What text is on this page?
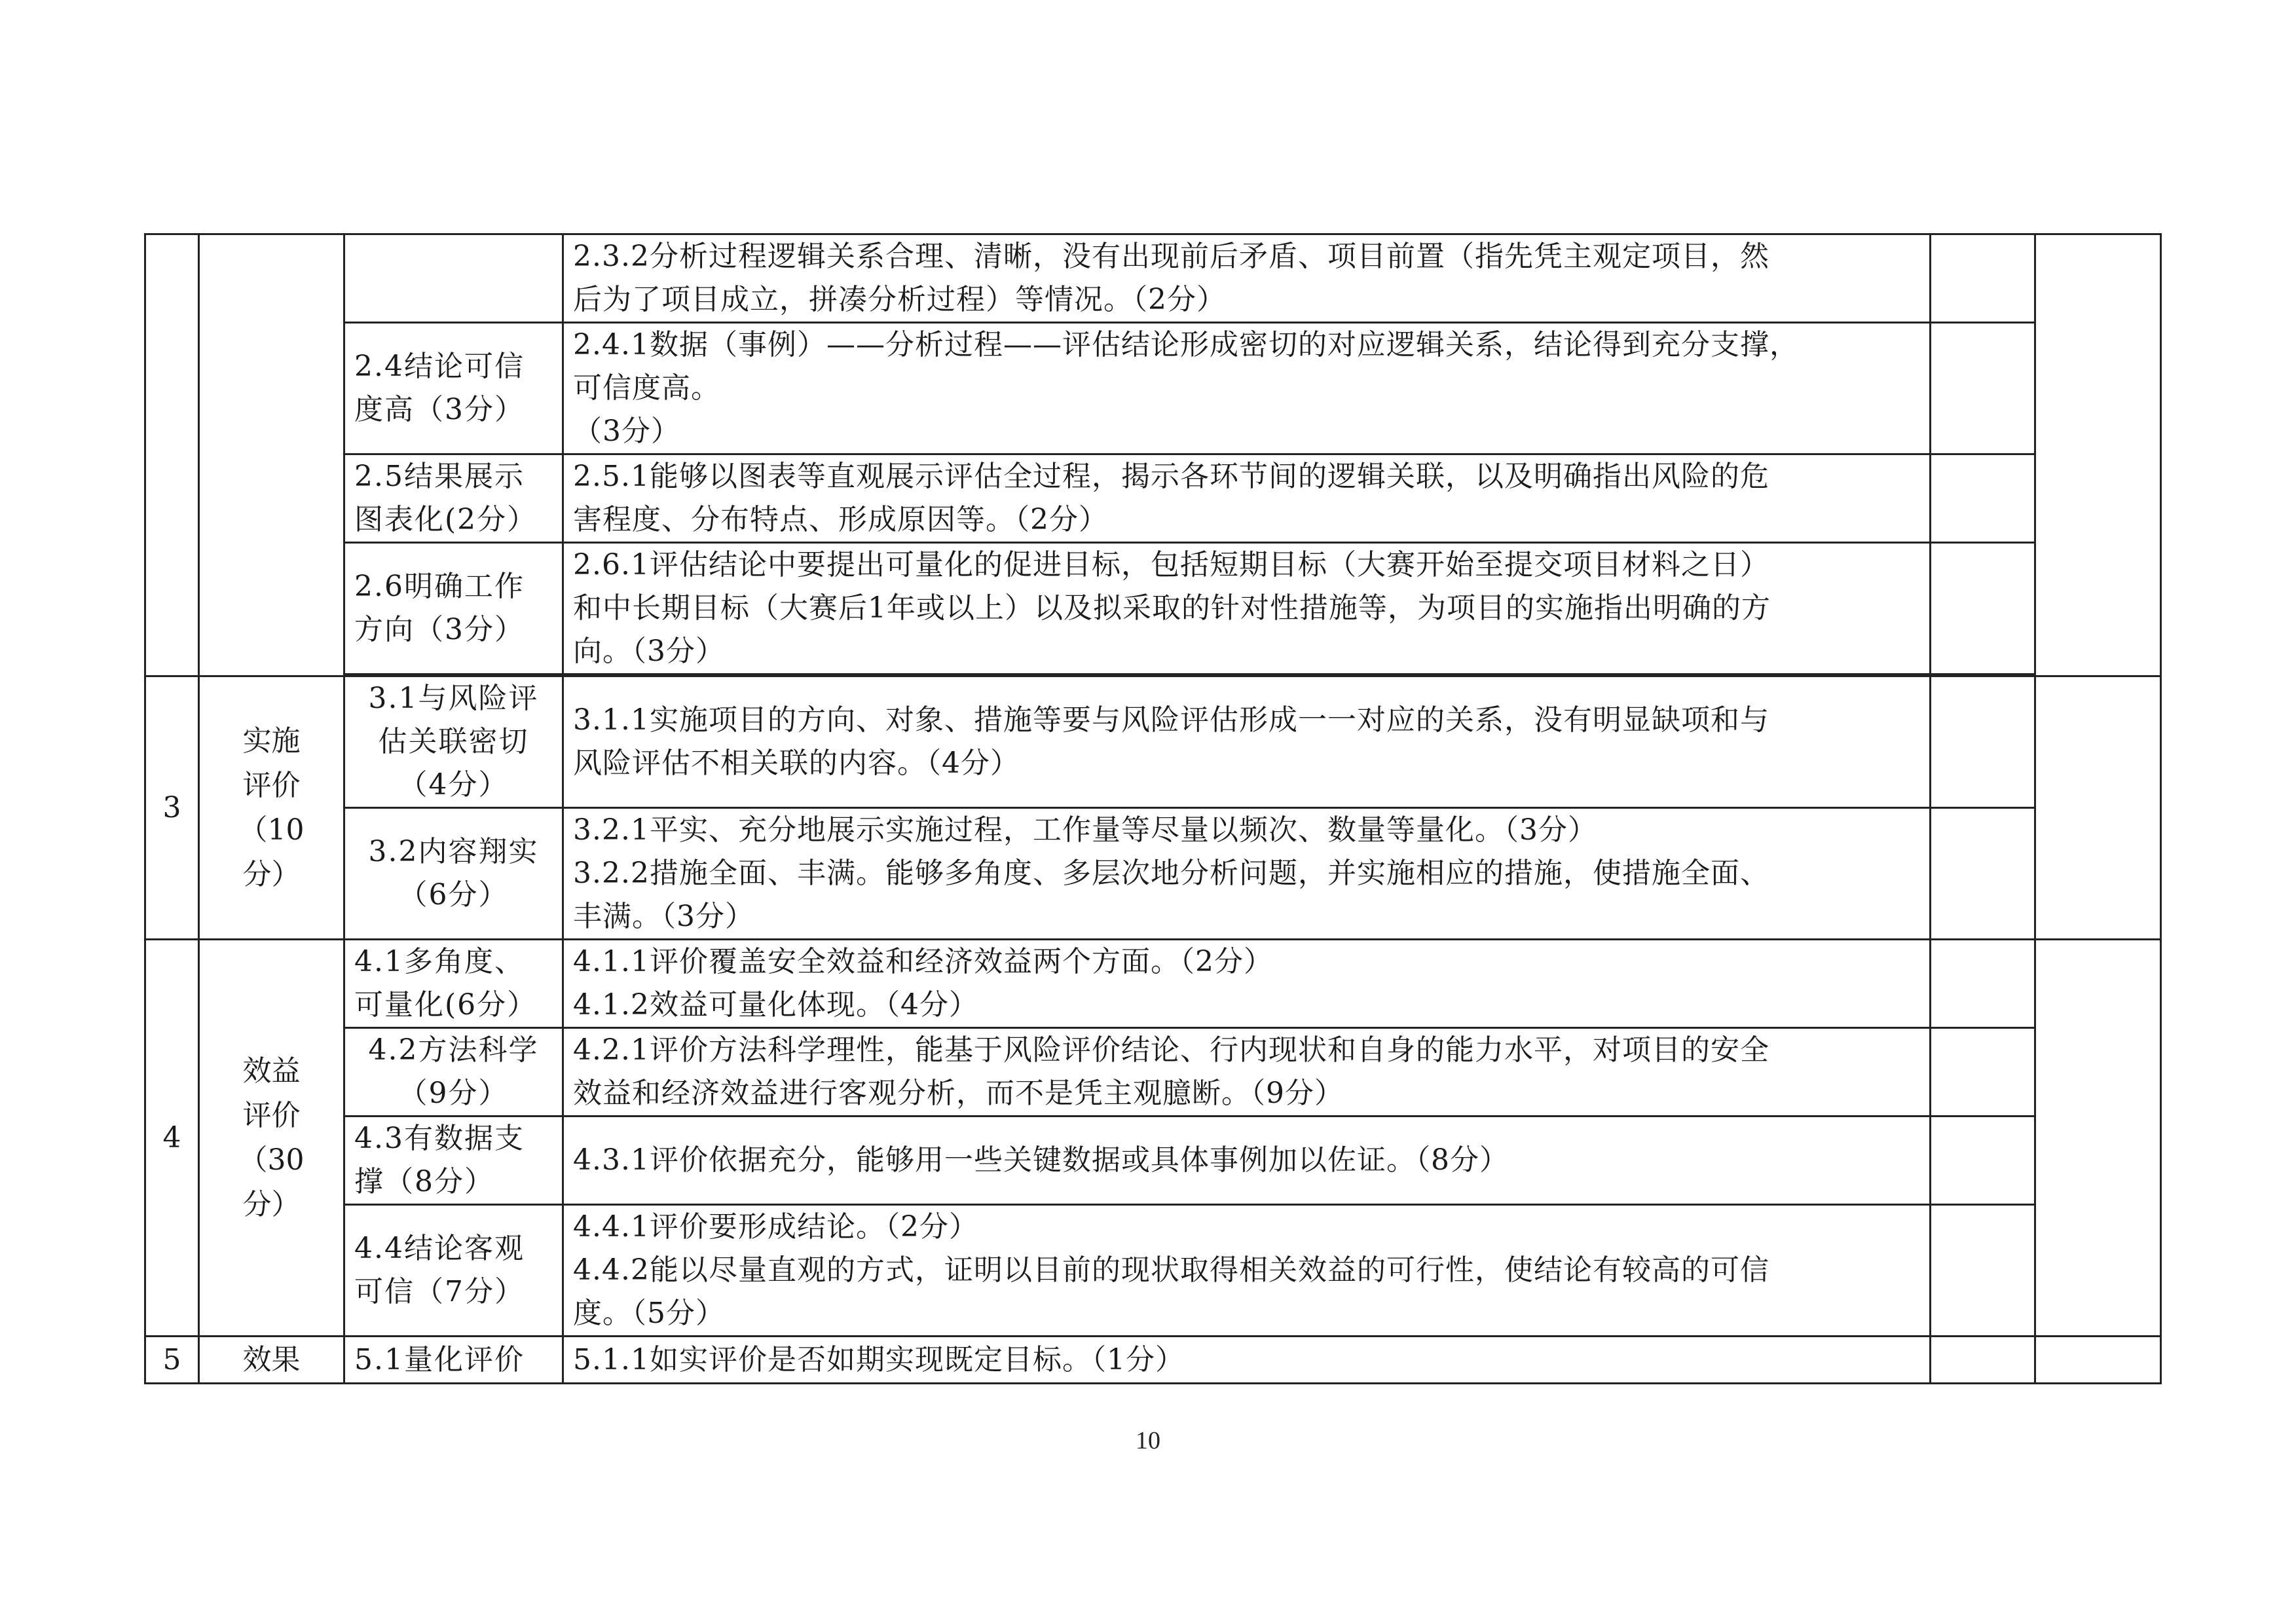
			2.3.2分析过程逻辑关系合理、清晰，没有出现前后矛盾、项目前置（指先凭主观定项目，然
后为了项目成立，拼凑分析过程）等情况。（2分）		

		2.4结论可信
度高（3分）	2.4.1数据（事例）——分析过程——评估结论形成密切的对应逻辑关系，结论得到充分支撑，
可信度高。
（3分）		

		2.5结果展示
图表化(2分）	2.5.1能够以图表等直观展示评估全过程，揭示各环节间的逻辑关联，以及明确指出风险的危
害程度、分布特点、形成原因等。（2分）		

		2.6明确工作
方向（3分）	2.6.1评估结论中要提出可量化的促进目标，包括短期目标（大赛开始至提交项目材料之日）
和中长期目标（大赛后1年或以上）以及拟采取的针对性措施等，为项目的实施指出明确的方
向。（3分）		

3	实施
评价
（10
分）	3.1与风险评
估关联密切
（4分）	3.1.1实施项目的方向、对象、措施等要与风险评估形成一一对应的关系，没有明显缺项和与
风险评估不相关联的内容。（4分）		

		3.2内容翔实
（6分）	3.2.1平实、充分地展示实施过程，工作量等尽量以频次、数量等量化。（3分）
3.2.2措施全面、丰满。能够多角度、多层次地分析问题，并实施相应的措施，使措施全面、
丰满。（3分）		

4	效益
评价
（30
分）	4.1多角度、
可量化(6分）	4.1.1评价覆盖安全效益和经济效益两个方面。（2分）
4.1.2效益可量化体现。（4分）		

		4.2方法科学
（9分）	4.2.1评价方法科学理性，能基于风险评价结论、行内现状和自身的能力水平，对项目的安全
效益和经济效益进行客观分析，而不是凭主观臆断。（9分）		

		4.3有数据支
撑（8分）	4.3.1评价依据充分，能够用一些关键数据或具体事例加以佐证。（8分）		

		4.4结论客观
可信（7分）	4.4.1评价要形成结论。（2分）
4.4.2能以尽量直观的方式，证明以目前的现状取得相关效益的可行性，使结论有较高的可信
度。（5分）		

5	效果	5.1量化评价	5.1.1如实评价是否如期实现既定目标。（1分）		

10
